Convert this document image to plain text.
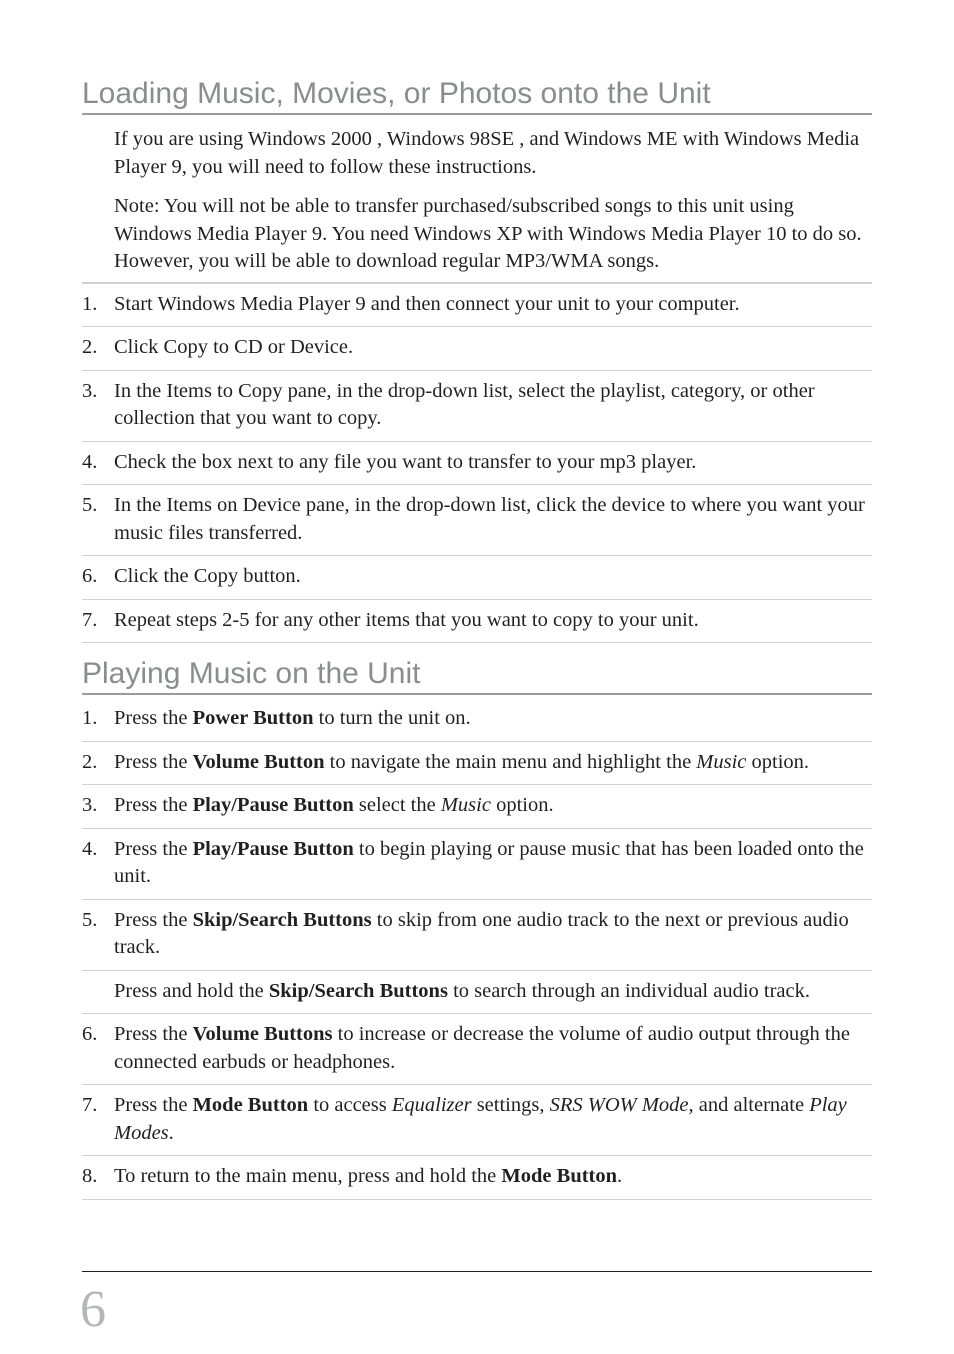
Loading Music, Movies, or Photos onto the Unit

If you are using Windows 2000 , Windows 98SE , and Windows ME with Windows Media Player 9, you will need to follow these instructions.

Note: You will not be able to transfer purchased/subscribed songs to this unit using Windows Media Player 9. You need Windows XP with Windows Media Player 10 to do so. However, you will be able to download regular MP3/WMA songs.

1. Start Windows Media Player 9 and then connect your unit to your computer.
2. Click Copy to CD or Device.
3. In the Items to Copy pane, in the drop-down list, select the playlist, category, or other collection that you want to copy.
4. Check the box next to any file you want to transfer to your mp3 player.
5. In the Items on Device pane, in the drop-down list, click the device to where you want your music files transferred.
6. Click the Copy button.
7. Repeat steps 2-5 for any other items that you want to copy to your unit.
Playing Music on the Unit
1. Press the Power Button to turn the unit on.
2. Press the Volume Button to navigate the main menu and highlight the Music option.
3. Press the Play/Pause Button select the Music option.
4. Press the Play/Pause Button to begin playing or pause music that has been loaded onto the unit.
5. Press the Skip/Search Buttons to skip from one audio track to the next or previous audio track.
Press and hold the Skip/Search Buttons to search through an individual audio track.
6. Press the Volume Buttons to increase or decrease the volume of audio output through the connected earbuds or headphones.
7. Press the Mode Button to access Equalizer settings, SRS WOW Mode, and alternate Play Modes.
8. To return to the main menu, press and hold the Mode Button.
6
